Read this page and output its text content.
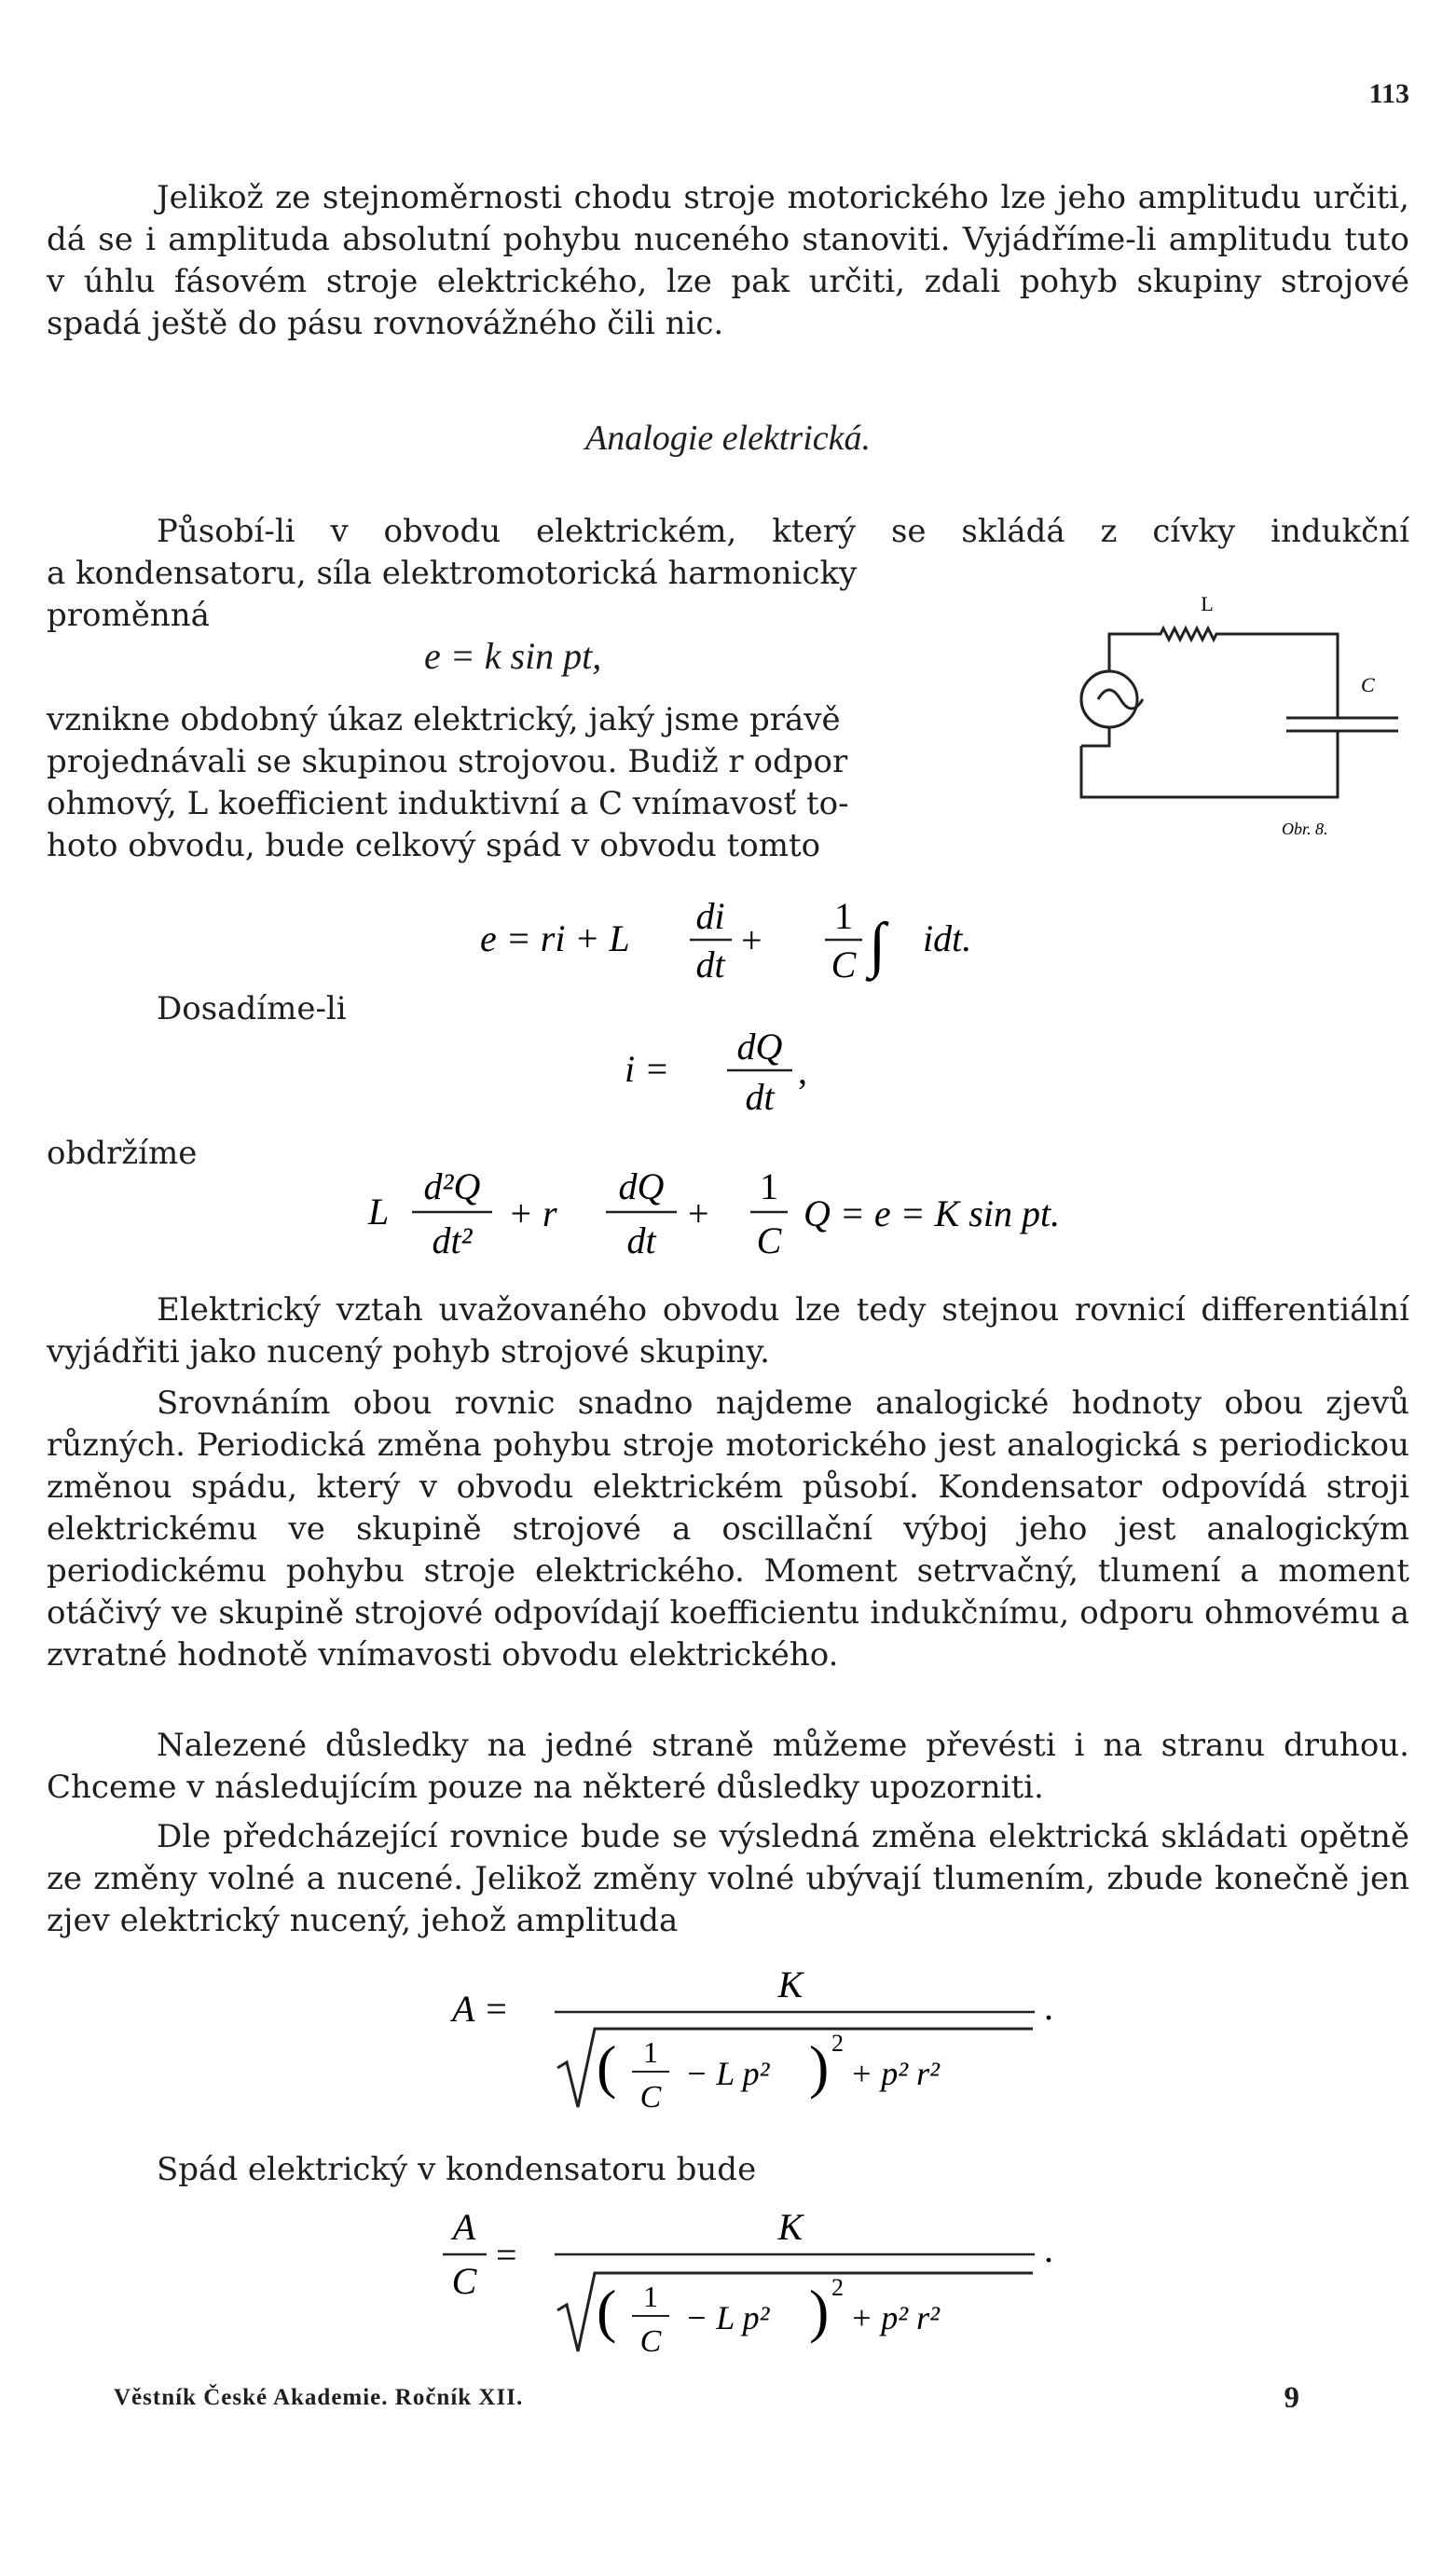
113

Jelikož ze stejnoměrnosti chodu stroje motorického lze jeho amplitudu určiti, dá se i amplituda absolutní pohybu nuceného stanoviti. Vyjádříme-li amplitudu tuto v úhlu fásovém stroje elektrického, lze pak určiti, zdali pohyb skupiny strojové spadá ještě do pásu rovnovážného čili nic.

Analogie elektrická.
Působí-li v obvodu elektrickém, který se skládá z cívky indukční
a kondensatoru, síla elektromotorická harmonicky
proměnná
e = k sin pt,
vznikne obdobný úkaz elektrický, jaký jsme právě
projednávali se skupinou strojovou. Budiž r odpor
ohmový, L koefficient induktivní a C vnímavosť to-
hoto obvodu, bude celkový spád v obvodu tomto
L
C
Obr. 8.
e = ri + L
di
dt
+
1
C ∫ idt.
Dosadíme-li
i =
dQ
dt
,
obdržíme
L
d²Q
dt²
+ r
dQ
dt
+
1
C
Q = e = K sin pt.

Elektrický vztah uvažovaného obvodu lze tedy stejnou rovnicí differentiální vyjádřiti jako nucený pohyb strojové skupiny.

Srovnáním obou rovnic snadno najdeme analogické hodnoty obou zjevů různých. Periodická změna pohybu stroje motorického jest analogická s periodickou změnou spádu, který v obvodu elektrickém působí. Kondensator odpovídá stroji elektrickému ve skupině strojové a oscillační výboj jeho jest analogickým periodickému pohybu stroje elektrického. Moment setrvačný, tlumení a moment otáčivý ve skupině strojové odpovídají koefficientu indukčnímu, odporu ohmovému a zvratné hodnotě vnímavosti obvodu elektrického.

Nalezené důsledky na jedné straně můžeme převésti i na stranu druhou. Chceme v následujícím pouze na některé důsledky upozorniti.

Dle předcházející rovnice bude se výsledná změna elektrická skládati opětně ze změny volné a nucené. Jelikož změny volné ubývají tlumením, zbude konečně jen zjev elektrický nucený, jehož amplituda

A =
K
( 1
C
− L p² ) 2
+ p² r²
.
Spád elektrický v kondensatoru bude
A
C
=
K
( 1
C
− L p² ) 2
+ p² r²
.
Věstník České Akademie. Ročník XII.	9
